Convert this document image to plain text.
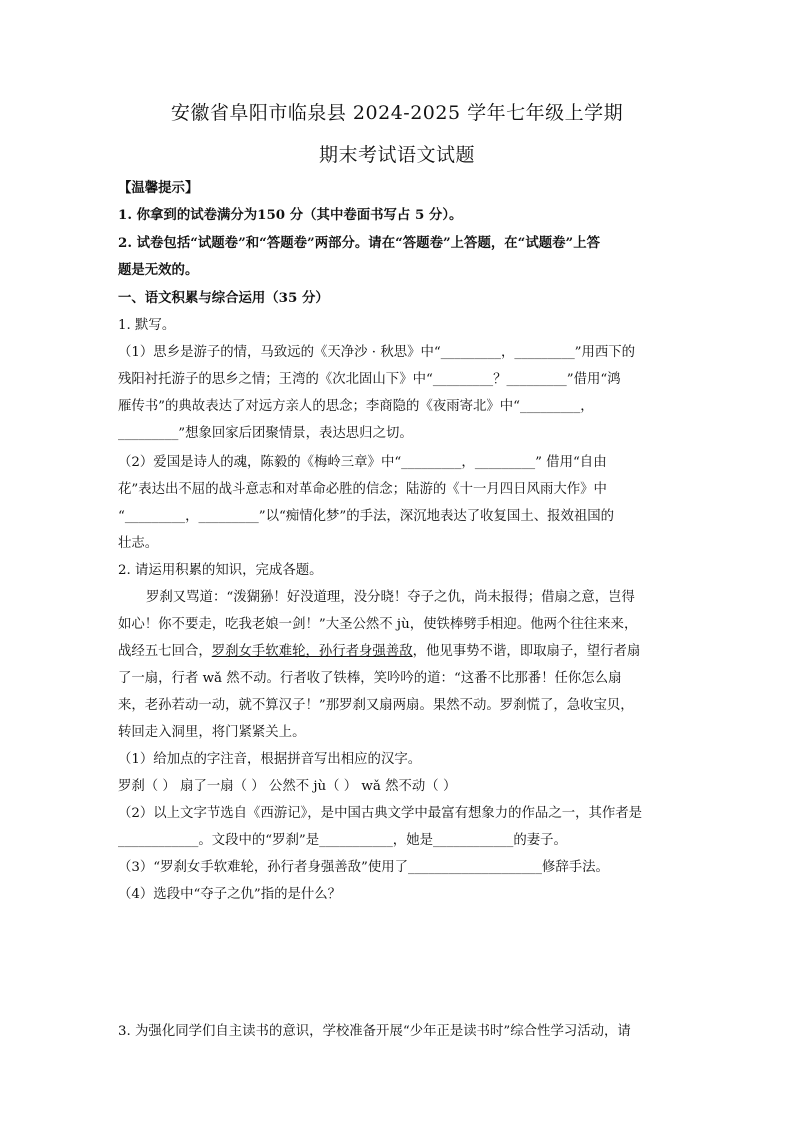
安徽省阜阳市临泉县 2024-2025 学年七年级上学期
期末考试语文试题
【温馨提示】
1. 你拿到的试卷满分为150 分（其中卷面书写占 5 分）。
2. 试卷包括“试题卷”和“答题卷”两部分。请在“答题卷”上答题，在“试题卷”上答
题是无效的。
一、语文积累与综合运用（35 分）
1. 默写。
（1）思乡是游子的情，马致远的《天净沙 · 秋思》中“_________，_________”用西下的
残阳衬托游子的思乡之情；王湾的《次北固山下》中“_________？_________”借用“鸿
雁传书”的典故表达了对远方亲人的思念；李商隐的《夜雨寄北》中“_________，
_________”想象回家后团聚情景，表达思归之切。
（2）爱国是诗人的魂，陈毅的《梅岭三章》中“_________，_________” 借用“自由
花”表达出不屈的战斗意志和对革命必胜的信念；陆游的《十一月四日风雨大作》中
“_________，_________”以“痴情化梦”的手法，深沉地表达了收复国土、报效祖国的
壮志。
2. 请运用积累的知识，完成各题。
罗刹又骂道：“泼猢狲！好没道理，没分晓！夺子之仇，尚未报得；借扇之意，岂得
如心！你不要走，吃我老娘一剑！”大圣公然不 jù，使铁棒劈手相迎。他两个往往来来，
战经五七回合，罗刹女手软难轮，孙行者身强善敌，他见事势不谐，即取扇子，望行者扇
了一扇，行者 wǎ 然不动。行者收了铁棒，笑吟吟的道：“这番不比那番！任你怎么扇
来，老孙若动一动，就不算汉子！”那罗刹又扇两扇。果然不动。罗刹慌了，急收宝贝，
转回走入洞里，将门紧紧关上。
（1）给加点的字注音，根据拼音写出相应的汉字。
罗刹（ ） 扇了一扇（ ） 公然不 jù（ ） wǎ 然不动（ ）
（2）以上文字节选自《西游记》，是中国古典文学中最富有想象力的作品之一，其作者是
____________。文段中的“罗刹”是___________，她是____________的妻子。
（3）“罗刹女手软难轮，孙行者身强善敌”使用了____________________修辞手法。
（4）选段中“夺子之仇”指的是什么？
3. 为强化同学们自主读书的意识，学校准备开展“少年正是读书时”综合性学习活动，请
